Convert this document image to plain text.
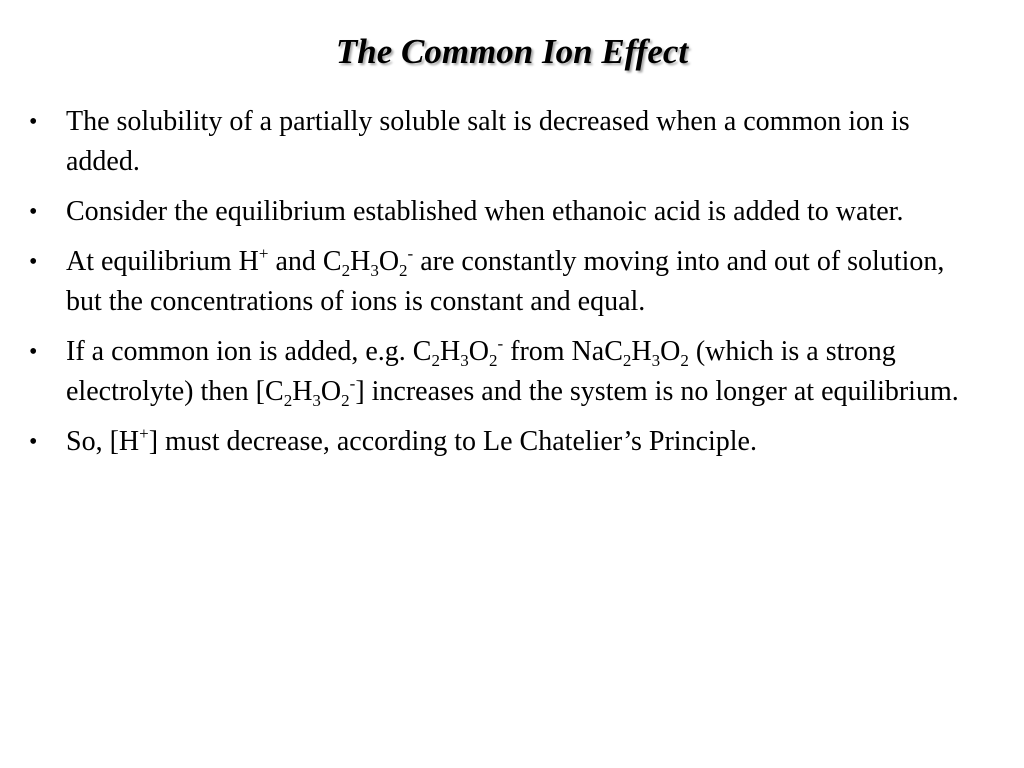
The Common Ion Effect
• The solubility of a partially soluble salt is decreased when a common ion is added.
• Consider the equilibrium established when ethanoic acid is added to water.
• At equilibrium H+ and $C_2H_3O_2^-$ are constantly moving into and out of solution, but the concentrations of ions is constant and equal.
• If a common ion is added, e.g. $C_2H_3O_2^-$ from $NaC_2H_3O_2$ (which is a strong electrolyte) then $[C_2H_3O_2^-]$ increases and the system is no longer at equilibrium.
• So, [H+] must decrease, according to Le Chatelier’s Principle.
